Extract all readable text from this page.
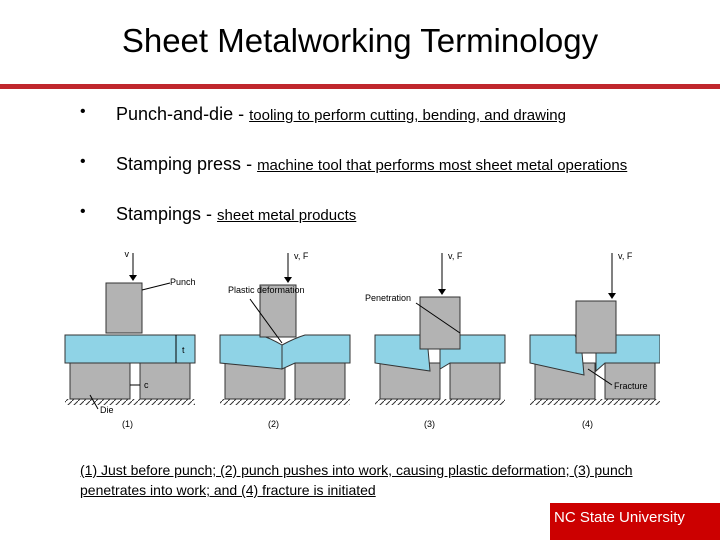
Sheet Metalworking Terminology
• Punch‑and‑die - tooling to perform cutting, bending, and drawing
• Stamping press - machine tool that performs most sheet metal operations
• Stampings - sheet metal products
v
Punch
t
c
Die
(1)
v, F
Plastic deformation
(2)
v, F
Penetration
(3)
v, F
Fracture
(4)
(1) Just before punch; (2) punch pushes into work, causing plastic deformation; (3) punch penetrates into work; and (4) fracture is initiated
NC State University
